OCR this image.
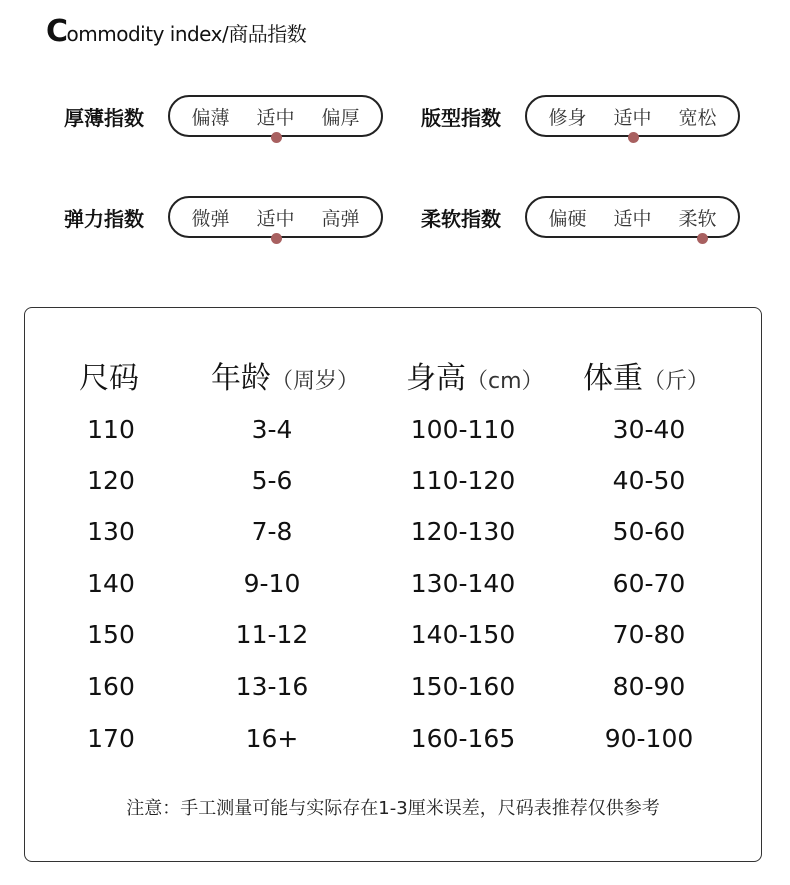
C ommodity index/商品指数
厚薄指数	偏薄 适中 偏厚	版型指数	修身 适中 宽松
弹力指数	微弹 适中 高弹	柔软指数	偏硬 适中 柔软
尺码 年龄（周岁） 身高（cm） 体重（斤）
110	3-4	100-110	30-40
120	5-6	110-120	40-50
130	7-8	120-130	50-60
140	9-10	130-140	60-70
150	11-12	140-150	70-80
160	13-16	150-160	80-90
170	16+	160-165	90-100
注意：手工测量可能与实际存在1-3厘米误差，尺码表推荐仅供参考
